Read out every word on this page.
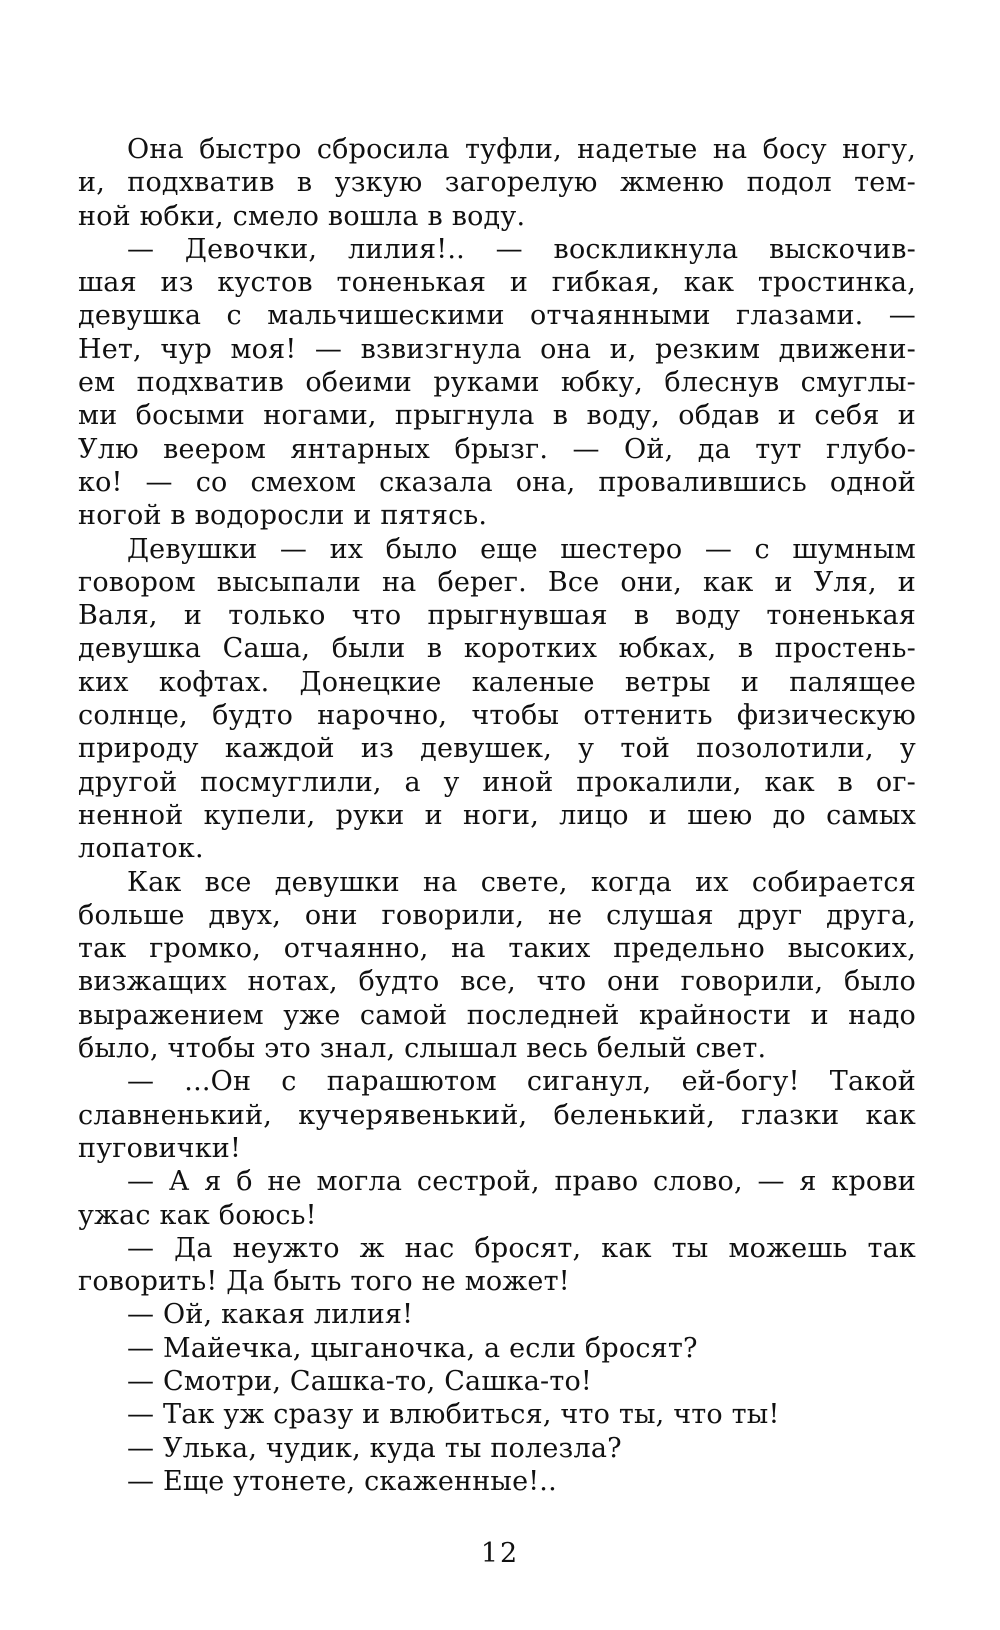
Она быстро сбросила туфли, надетые на босу ногу,
и, подхватив в узкую загорелую жменю подол тем-
ной юбки, смело вошла в воду.
— Девочки, лилия!.. — воскликнула выскочив-
шая из кустов тоненькая и гибкая, как тростинка,
девушка с мальчишескими отчаянными глазами. —
Нет, чур моя! — взвизгнула она и, резким движени-
ем подхватив обеими руками юбку, блеснув смуглы-
ми босыми ногами, прыгнула в воду, обдав и себя и
Улю веером янтарных брызг. — Ой, да тут глубо-
ко! — со смехом сказала она, провалившись одной
ногой в водоросли и пятясь.
Девушки — их было еще шестеро — с шумным
говором высыпали на берег. Все они, как и Уля, и
Валя, и только что прыгнувшая в воду тоненькая
девушка Саша, были в коротких юбках, в простень-
ких кофтах. Донецкие каленые ветры и палящее
солнце, будто нарочно, чтобы оттенить физическую
природу каждой из девушек, у той позолотили, у
другой посмуглили, а у иной прокалили, как в ог-
ненной купели, руки и ноги, лицо и шею до самых
лопаток.
Как все девушки на свете, когда их собирается
больше двух, они говорили, не слушая друг друга,
так громко, отчаянно, на таких предельно высоких,
визжащих нотах, будто все, что они говорили, было
выражением уже самой последней крайности и надо
было, чтобы это знал, слышал весь белый свет.
— ...Он с парашютом сиганул, ей-богу! Такой
славненький, кучерявенький, беленький, глазки как
пуговички!
— А я б не могла сестрой, право слово, — я крови
ужас как боюсь!
— Да неужто ж нас бросят, как ты можешь так
говорить! Да быть того не может!
— Ой, какая лилия!
— Майечка, цыганочка, а если бросят?
— Смотри, Сашка-то, Сашка-то!
— Так уж сразу и влюбиться, что ты, что ты!
— Улька, чудик, куда ты полезла?
— Еще утонете, скаженные!..
12
